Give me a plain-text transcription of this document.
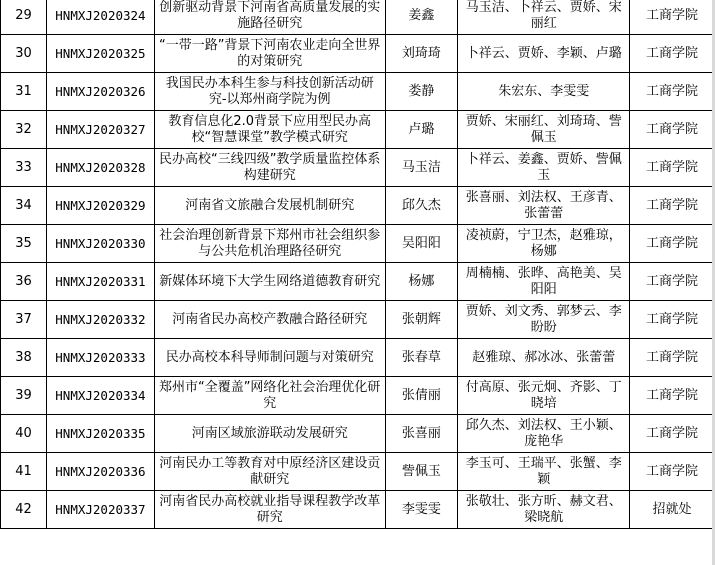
29	HNMXJ2020324	创新驱动背景下河南省高质量发展的实施路径研究	姜鑫	马玉洁、卜祥云、贾娇、宋丽红	工商学院
30	HNMXJ2020325	“一带一路”背景下河南农业走向全世界的对策研究	刘琦琦	卜祥云、贾娇、李颖、卢璐	工商学院
31	HNMXJ2020326	我国民办本科生参与科技创新活动研究-以郑州商学院为例	娄静	朱宏东、李雯雯	工商学院
32	HNMXJ2020327	教育信息化2.0背景下应用型民办高校“智慧课堂”教学模式研究	卢璐	贾娇、宋丽红、刘琦琦、訾佩玉	工商学院
33	HNMXJ2020328	民办高校“三线四级”教学质量监控体系构建研究	马玉洁	卜祥云、姜鑫、贾娇、訾佩玉	工商学院
34	HNMXJ2020329	河南省文旅融合发展机制研究	邱久杰	张喜丽、刘法权、王彦青、张蕾蕾	工商学院
35	HNMXJ2020330	社会治理创新背景下郑州市社会组织参与公共危机治理路径研究	吴阳阳	凌祯蔚，宁卫杰，赵雅琼，杨娜	工商学院
36	HNMXJ2020331	新媒体环境下大学生网络道德教育研究	杨娜	周楠楠、张晔、高艳美、吴阳阳	工商学院
37	HNMXJ2020332	河南省民办高校产教融合路径研究	张朝辉	贾娇、刘文秀、郭梦云、李盼盼	工商学院
38	HNMXJ2020333	民办高校本科导师制问题与对策研究	张春草	赵雅琼、郝冰冰、张蕾蕾	工商学院
39	HNMXJ2020334	郑州市“全覆盖”网络化社会治理优化研究	张倩丽	付高原、张元炯、齐影、丁晓培	工商学院
40	HNMXJ2020335	河南区域旅游联动发展研究	张喜丽	邱久杰、刘法权、王小颖、庞艳华	工商学院
41	HNMXJ2020336	河南民办工等教育对中原经济区建设贡献研究	訾佩玉	李玉可、王瑞平、张蟹、李颖	工商学院
42	HNMXJ2020337	河南省民办高校就业指导课程教学改革研究	李雯雯	张敬壮、张方昕、赫文君、梁晓航	招就处
